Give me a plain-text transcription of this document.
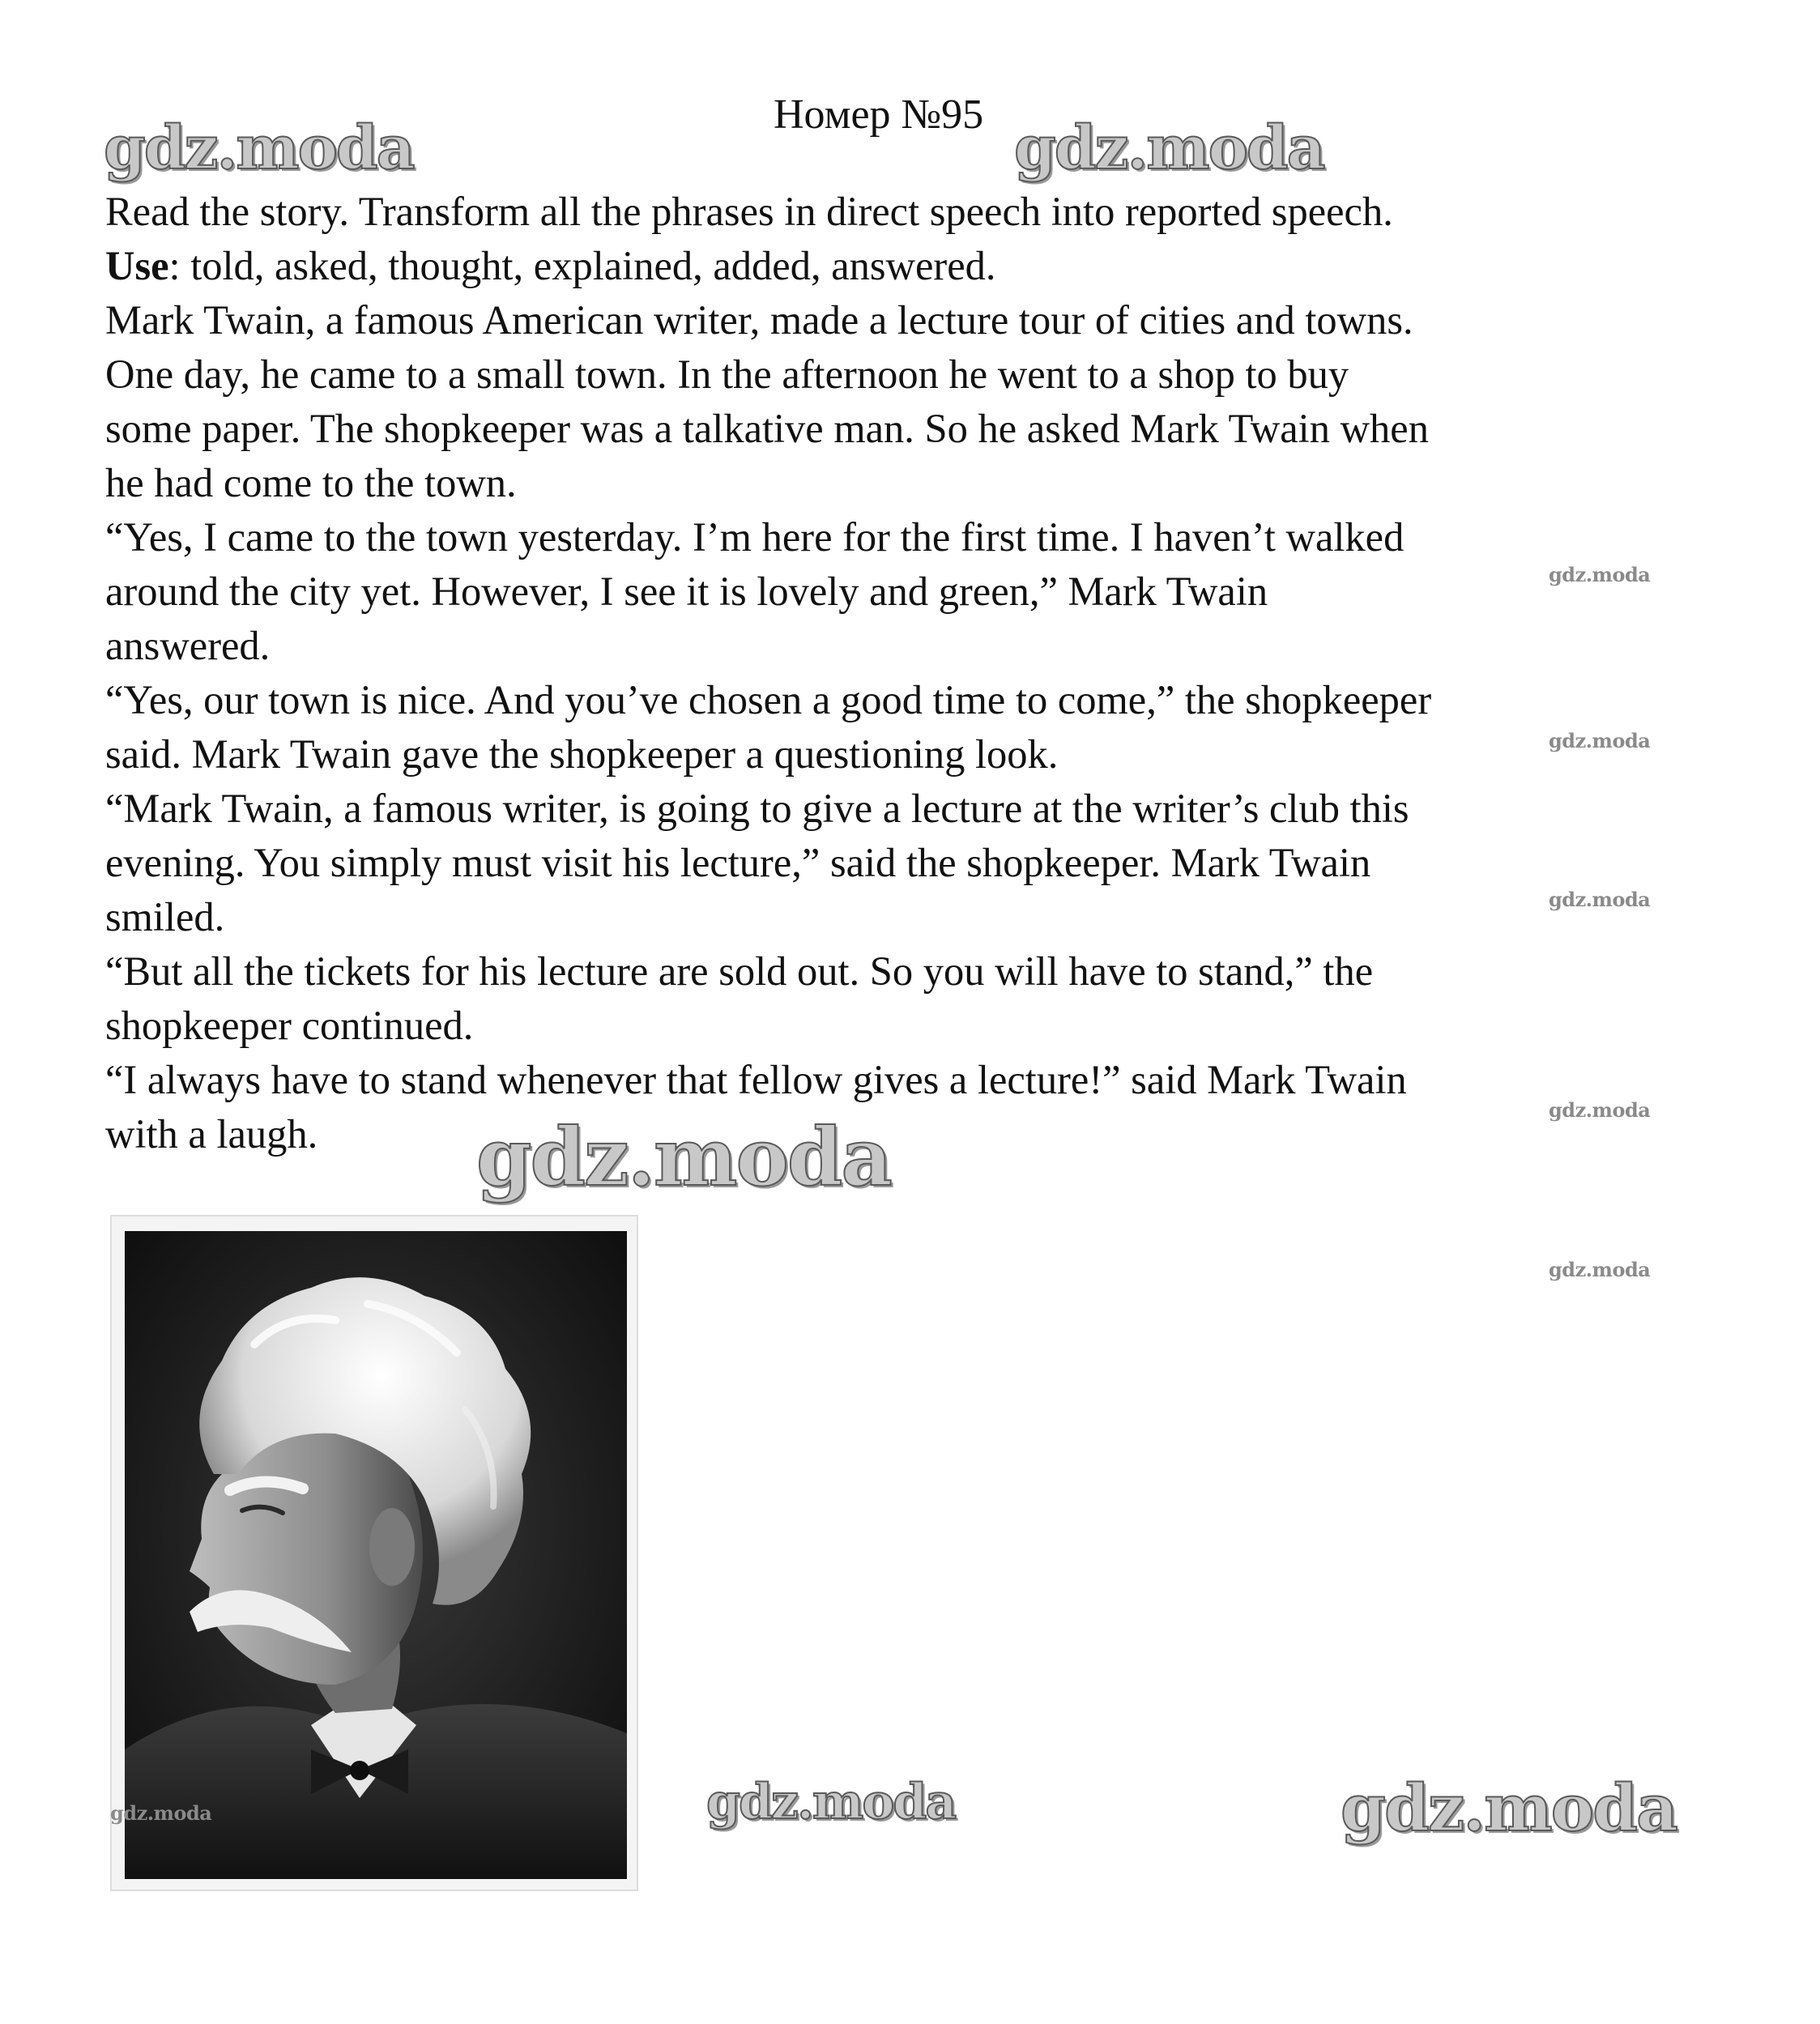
Номер №95
Read the story. Transform all the phrases in direct speech into reported speech.
Use: told, asked, thought, explained, added, answered.
Mark Twain, a famous American writer, made a lecture tour of cities and towns.
One day, he came to a small town. In the afternoon he went to a shop to buy
some paper. The shopkeeper was a talkative man. So he asked Mark Twain when
he had come to the town.
“Yes, I came to the town yesterday. I’m here for the first time. I haven’t walked
around the city yet. However, I see it is lovely and green,” Mark Twain
answered.
“Yes, our town is nice. And you’ve chosen a good time to come,” the shopkeeper
said. Mark Twain gave the shopkeeper a questioning look.
“Mark Twain, a famous writer, is going to give a lecture at the writer’s club this
evening. You simply must visit his lecture,” said the shopkeeper. Mark Twain
smiled.
“But all the tickets for his lecture are sold out. So you will have to stand,” the
shopkeeper continued.
“I always have to stand whenever that fellow gives a lecture!” said Mark Twain
with a laugh.
gdz.moda	gdz.moda
gdz.moda
gdz.moda	gdz.moda
gdz.moda
gdz.moda
gdz.moda
gdz.moda
gdz.moda
gdz.moda
